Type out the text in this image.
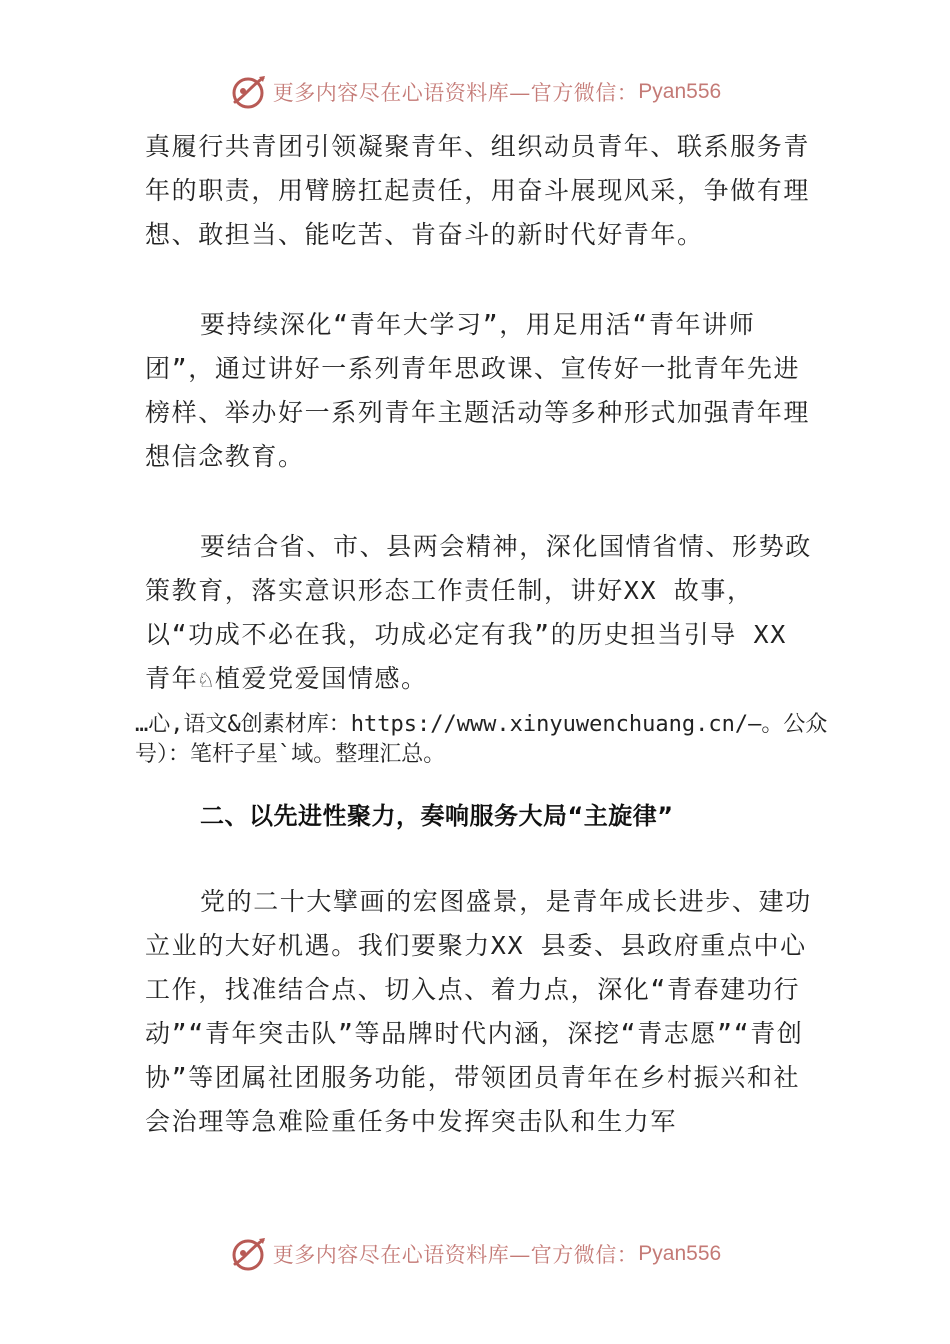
更多内容尽在心语资料库—官方微信： Pyan556

真履行共青团引领凝聚青年、组织动员青年、联系服务青年的职责，用臂膀扛起责任，用奋斗展现风采，争做有理想、敢担当、能吃苦、肯奋斗的新时代好青年。

要持续深化“青年大学习”，用足用活“青年讲师团”，通过讲好一系列青年思政课、宣传好一批青年先进榜样、举办好一系列青年主题活动等多种形式加强青年理想信念教育。

要结合省、市、县两会精神，深化国情省情、形势政策教育，落实意识形态工作责任制，讲好XX 故事，以“功成不必在我，功成必定有我”的历史担当引导 XX 青年♘植爱党爱国情感。

…心,语文&创素材库：https://www.xinyuwenchuang.cn/—。公众号）：笔杆子星`域。整理汇总。

二、以先进性聚力，奏响服务大局“主旋律”

党的二十大擘画的宏图盛景，是青年成长进步、建功立业的大好机遇。我们要聚力XX 县委、县政府重点中心工作，找准结合点、切入点、着力点，深化“青春建功行动”“青年突击队”等品牌时代内涵，深挖“青志愿”“青创协”等团属社团服务功能，带领团员青年在乡村振兴和社会治理等急难险重任务中发挥突击队和生力军

更多内容尽在心语资料库—官方微信： Pyan556
